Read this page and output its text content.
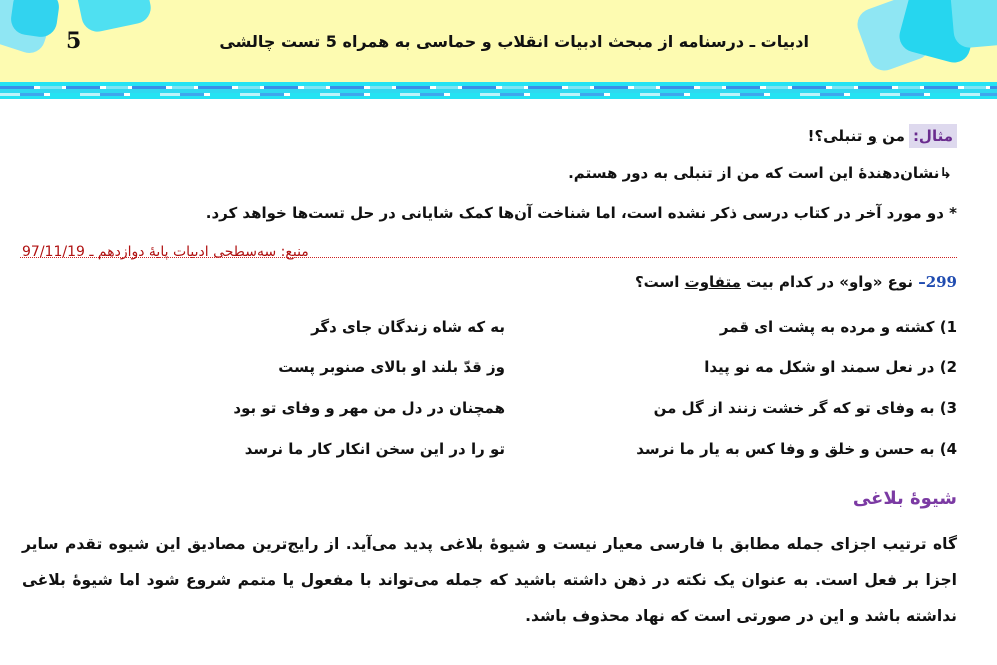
5	ادبیات ـ درسنامه از مبحث ادبیات انقلاب و حماسی به همراه 5 تست چالشی
مثال:
من و تنبلی؟!
↳نشان‌دهندهٔ این است که من از تنبلی به دور هستم.
* دو مورد آخر در کتاب درسی ذکر نشده است، اما شناخت آن‌ها کمک شایانی در حل تست‌ها خواهد کرد.
منبع: سه‌سطحی ادبیات پایهٔ دوازدهم ـ 97/11/19
299– نوع «واو» در کدام بیت متفاوت است؟
1) کشته و مرده به پشت ای قمر
به که شاه زندگان جای دگر
2) در نعل سمند او شکل مه نو پیدا
وز قدّ بلند او بالای صنوبر پست
3) به وفای تو که گر خشت زنند از گل من
همچنان در دل من مهر و وفای تو بود
4) به حسن و خلق و وفا کس به یار ما نرسد
تو را در این سخن انکار کار ما نرسد
شیوهٔ بلاغی
گاه ترتیب اجزای جمله مطابق با فارسی معیار نیست و شیوهٔ بلاغی پدید می‌آید. از رایج‌ترین مصادیق این شیوه تقدم سایر اجزا بر فعل است. به عنوان یک نکته در ذهن داشته باشید که جمله می‌تواند با مفعول یا متمم شروع شود اما شیوهٔ بلاغی نداشته باشد و این در صورتی است که نهاد محذوف باشد.
